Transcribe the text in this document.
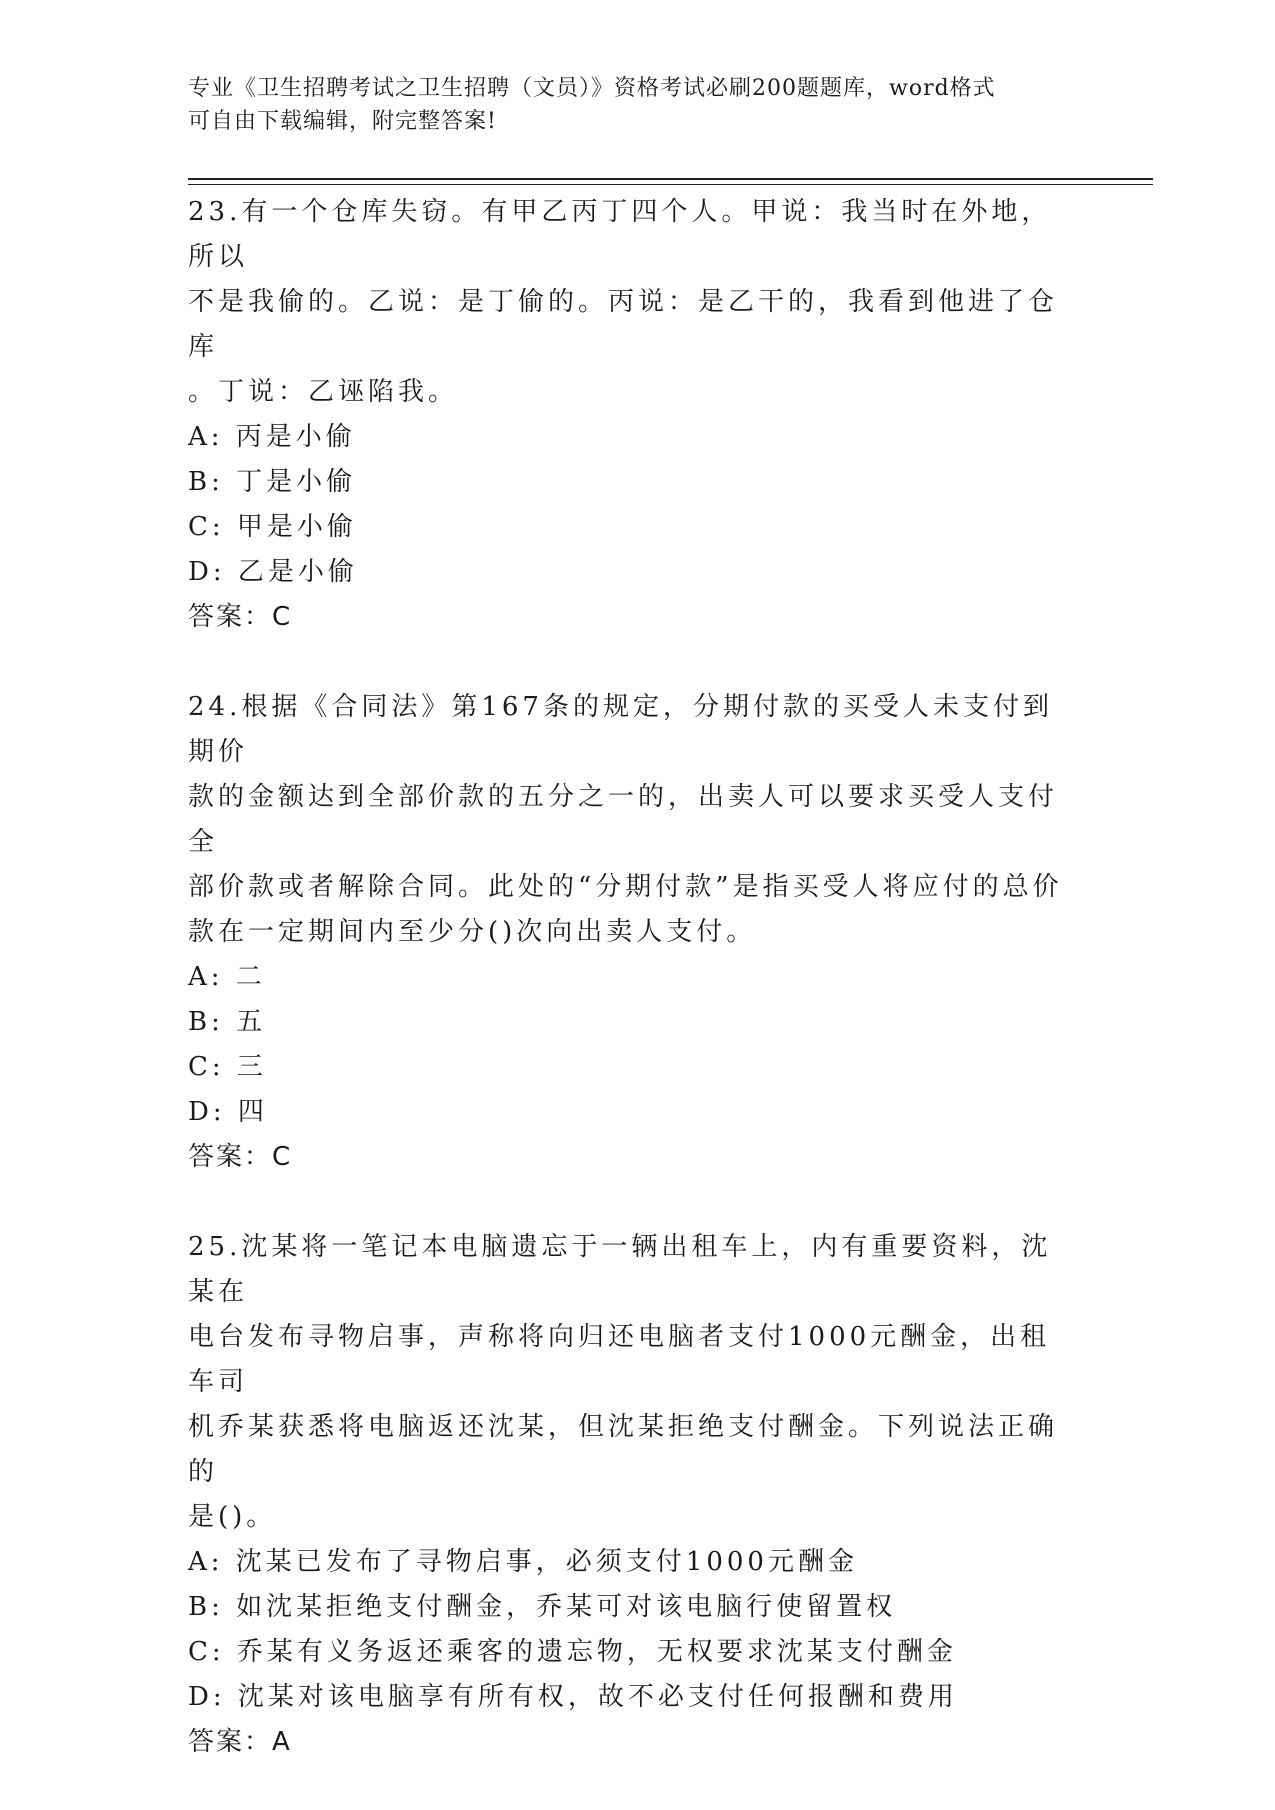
专业《卫生招聘考试之卫生招聘（文员）》资格考试必刷200题题库，word格式
可自由下载编辑，附完整答案!

23.有一个仓库失窃。有甲乙丙丁四个人。甲说：我当时在外地，所以

不是我偷的。乙说：是丁偷的。丙说：是乙干的，我看到他进了仓库

。丁说：乙诬陷我。

A: 丙是小偷

B: 丁是小偷

C: 甲是小偷

D: 乙是小偷

答案：C

24.根据《合同法》第167条的规定，分期付款的买受人未支付到期价

款的金额达到全部价款的五分之一的，出卖人可以要求买受人支付全

部价款或者解除合同。此处的“分期付款”是指买受人将应付的总价

款在一定期间内至少分()次向出卖人支付。

A: 二

B: 五

C: 三

D: 四

答案：C

25.沈某将一笔记本电脑遗忘于一辆出租车上，内有重要资料，沈某在

电台发布寻物启事，声称将向归还电脑者支付1000元酬金，出租车司

机乔某获悉将电脑返还沈某，但沈某拒绝支付酬金。下列说法正确的

是()。

A: 沈某已发布了寻物启事，必须支付1000元酬金

B: 如沈某拒绝支付酬金，乔某可对该电脑行使留置权

C: 乔某有义务返还乘客的遗忘物，无权要求沈某支付酬金

D: 沈某对该电脑享有所有权，故不必支付任何报酬和费用

答案：A
